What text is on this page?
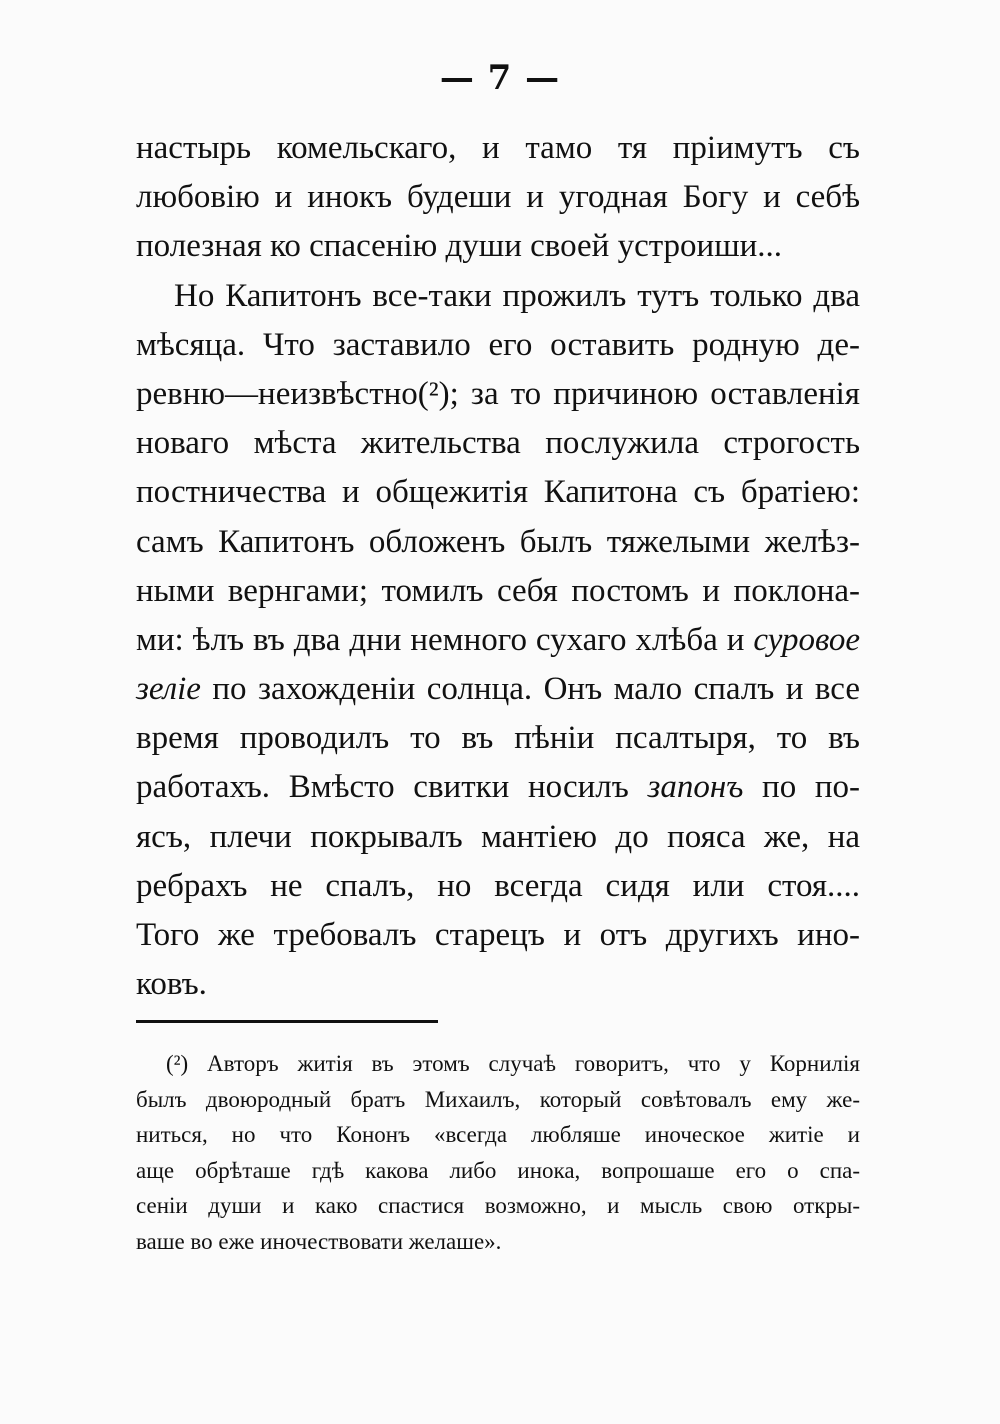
— 7 —
настырь комельскаго, и тамо тя пріимутъ съ
любовію и инокъ будеши и угодная Богу и себѣ
полезная ко спасенію души своей устроиши...
Но Капитонъ все-таки прожилъ тутъ только два
мѣсяца. Что заставило его оставить родную де-
ревню—неизвѣстно(²); за то причиною оставленія
новаго мѣста жительства послужила строгость
постничества и общежитія Капитона съ братіею:
самъ Капитонъ обложенъ былъ тяжелыми желѣз-
ными вернгами; томилъ себя постомъ и поклона-
ми: ѣлъ въ два дни немного сухаго хлѣба и суровое
зеліе по захожденіи солнца. Онъ мало спалъ и все
время проводилъ то въ пѣніи псалтыря, то въ
работахъ. Вмѣсто свитки носилъ запонъ по по-
ясъ, плечи покрывалъ мантіею до пояса же, на
ребрахъ не спалъ, но всегда сидя или стоя....
Того же требовалъ старецъ и отъ другихъ ино-
ковъ.
(²) Авторъ житія въ этомъ случаѣ говоритъ, что у Корнилія
былъ двоюродный братъ Михаилъ, который совѣтовалъ ему же-
ниться, но что Кононъ «всегда любляше иноческое житіе и
аще обрѣташе гдѣ какова либо инока, вопрошаше его о спа-
сеніи души и како спастися возможно, и мысль свою откры-
ваше во еже иночествовати желаше».
